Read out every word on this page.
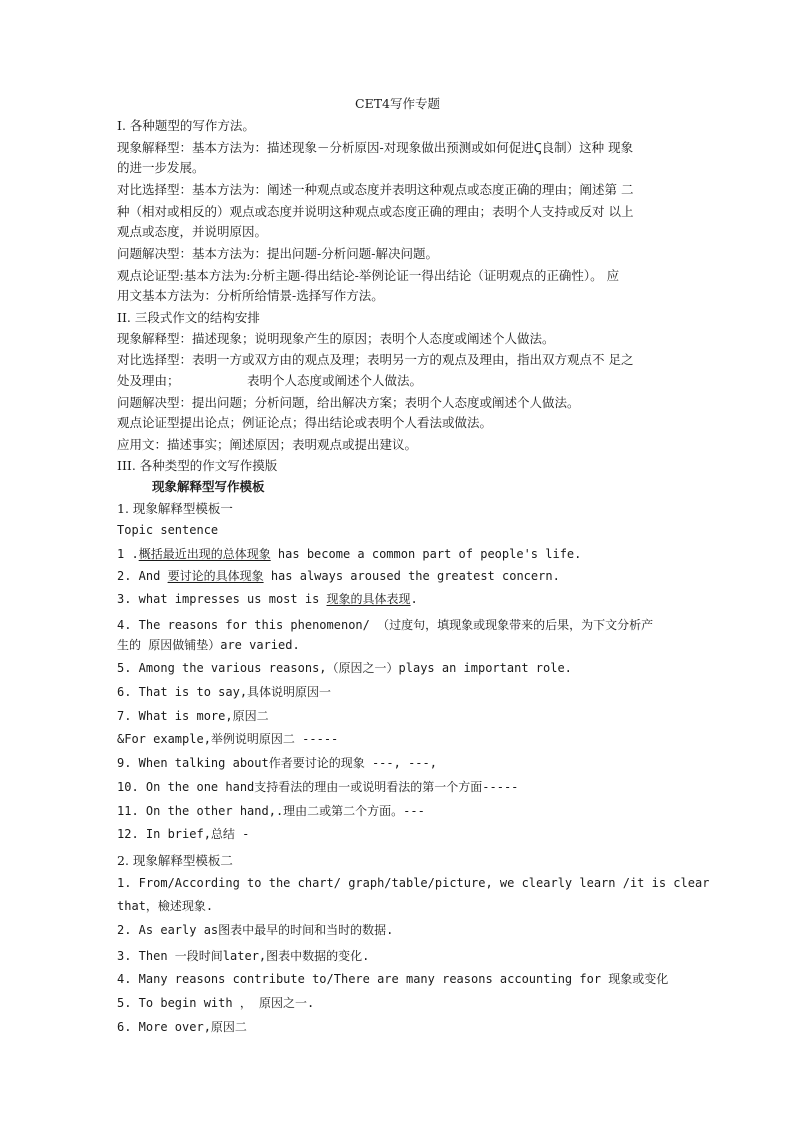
CET4写作专题
I. 各种题型的写作方法。
现象解释型：基本方法为：描述现象－分析原因-对现象做出预测或如何促进Ꞔ良制）这种 现象
的进一步发展。
对比选择型：基本方法为：阐述一种观点或态度并表明这种观点或态度正确的理由；阐述第 二
种（相对或相反的）观点或态度并说明这种观点或态度正确的理由；表明个人支持或反对 以上
观点或态度，并说明原因。
问题解决型：基本方法为：提出问题-分析问题-解决问题。
观点论证型:基本方法为:分析主题-得出结论-举例论证一得出结论（证明观点的正确性）。 应
用文基本方法为：分析所给情景-选择写作方法。
II. 三段式作文的结构安排
现象解释型：描述现象；说明现象产生的原因；表明个人态度或阐述个人做法。
对比选择型：表明一方或双方由的观点及理；表明另一方的观点及理由，指出双方观点不 足之
处及理由；	表明个人态度或阐述个人做法。
问题解决型：提出问题；分析问题，给出解决方案；表明个人态度或阐述个人做法。
观点论证型提出论点；例证论点；得出结论或表明个人看法或做法。
应用文：描述事实；阐述原因；表明观点或提出建议。
III. 各种类型的作文写作摸版
现象解释型写作模板
1. 现象解释型模板一
Topic sentence
1 .概括最近出现的总体现象 has become a common part of people's life.
2. And 要讨论的具体现象 has always aroused the greatest concern.
3. what impresses us most is 现象的具体表现.
4. The reasons for this phenomenon/ （过度句，填现象或现象带来的后果，为下文分析产
生的 原因做铺垫）are varied.
5. Among the various reasons,（原因之一）plays an important role.
6. That is to say,具体说明原因一
7. What is more,原因二
&For example,举例说明原因二 -----
9. When talking about作者要讨论的现象 ---, ---,
10. On the one hand支持看法的理由一或说明看法的第一个方面-----
11. On the other hand,.理由二或第二个方面。---
12. In brief,总结 -
2. 现象解释型模板二
1. From/According to the chart/ graph/table/picture, we clearly learn /it is clear
that，檢述现象.
2. As early as图表中最早的时间和当时的数据.
3. Then 一段时间later,图表中数据的变化.
4. Many reasons contribute to/There are many reasons accounting for 现象或变化
5. To begin with ， 原因之一.
6. More over,原因二
